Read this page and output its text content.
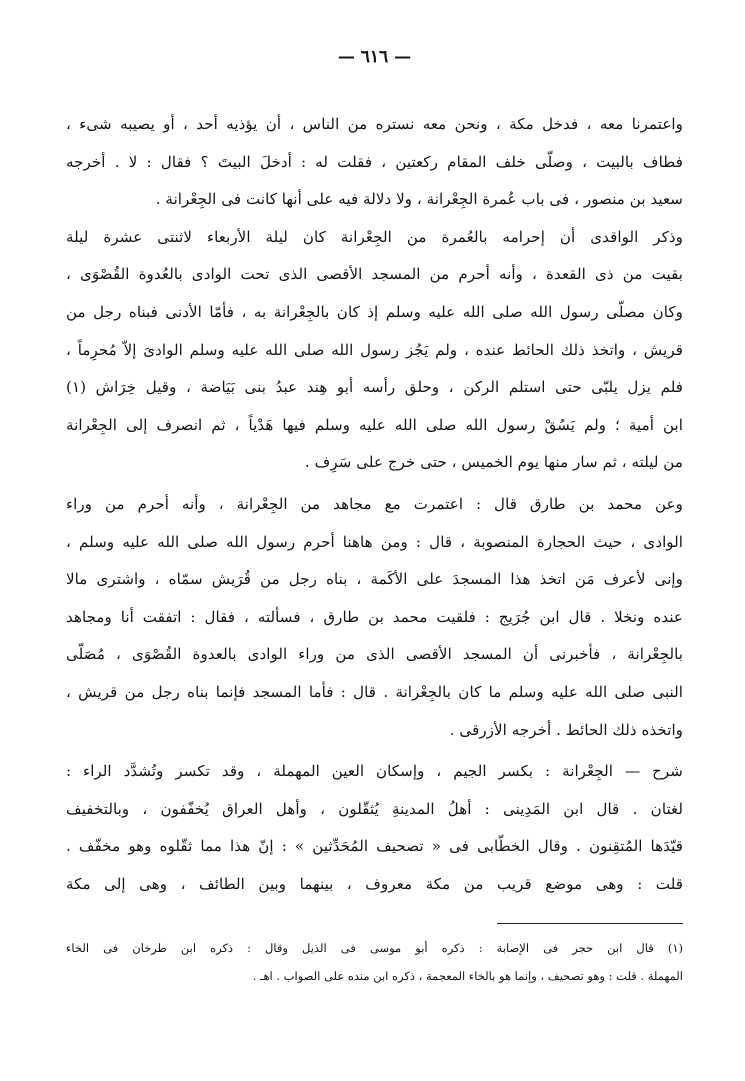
— ٦١٦ —
واعتمرنا معه ، فدخل مكة ، ونحن معه نستره من الناس ، أن يؤذيه أحد ، أو يصيبه شىء ،
فطاف بالبيت ، وصلّى خلف المقام ركعتين ، فقلت له : أدخلَ البيتَ ؟ فقال : لا . أخرجه
سعيد بن منصور ، فى باب عُمرة الجِعْرانة ، ولا دلالة فيه على أنها كانت فى الجِعْرانة .
وذكر الواقدى أن إحرامه بالعُمرة من الجِعْرانة كان ليلة الأربعاء لاثنتى عشرة ليلة
بقيت من ذى القعدة ، وأنه أحرم من المسجد الأقصى الذى تحت الوادى بالعُدوة القُصْوَى ،
وكان مصلّى رسول الله صلى الله عليه وسلم إذ كان بالجِعْرانة به ، فأمّا الأدنى فبناه رجل من
قريش ، واتخذ ذلك الحائط عنده ، ولم يَجُز رسول الله صلى الله عليه وسلم الوادىَ إلاّ مُحرِماً ،
فلم يزل يلبّى حتى استلم الركن ، وحلق رأسه أبو هِند عبدُ بنى بَيَاضة ، وقيل خِرَاش (١)
ابن أمية ؛ ولم يَسُقْ رسول الله صلى الله عليه وسلم فيها هَدْياً ، ثم انصرف إلى الجِعْرانة
من ليلته ، ثم سار منها يوم الخميس ، حتى خرج على سَرِف .
وعن محمد بن طارق قال : اعتمرت مع مجاهد من الجِعْرانة ، وأنه أحرم من وراء
الوادى ، حيث الحجارة المنصوبة ، قال : ومن هاهنا أحرم رسول الله صلى الله عليه وسلم ،
وإنى لأعرف مَن اتخذ هذا المسجدَ على الأكَمة ، بناه رجل من قُرَيش سمّاه ، واشترى مالا
عنده ونخلا . قال ابن جُرَيج : فلقيت محمد بن طارق ، فسألته ، فقال : اتفقت أنا ومجاهد
بالجِعْرانة ، فأخبرنى أن المسجد الأقصى الذى من وراء الوادى بالعدوة القُصْوَى ، مُصَلّى
النبى صلى الله عليه وسلم ما كان بالجِعْرانة . قال : فأما المسجد فإنما بناه رجل من قريش ،
واتخذه ذلك الحائط . أخرجه الأزرقى .
شرح — الجِعْرانة : بكسر الجيم ، وإسكان العين المهملة ، وقد تكسر وتُشدَّد الراء :
لغتان . قال ابن المَدِينى : أهلُ المدينةِ يُثقّلون ، وأهل العراق يُخفّفون ، وبالتخفيف
قيّدَها المُتقِنون . وقال الخطّابى فى « تصحيف المُحَدِّثين » : إنّ هذا مما ثقّلوه وهو مخفّف .
قلت : وهى موضع قريب من مكة معروف ، بينهما وبين الطائف ، وهى إلى مكة
(١) قال ابن حجر فى الإصابة : ذكره أبو موسى فى الذيل وقال : ذكره ابن طرخان فى الخاء
المهملة . قلت : وهو تصحيف ، وإنما هو بالخاء المعجمة ، ذكره ابن منده على الصواب . اهـ .
